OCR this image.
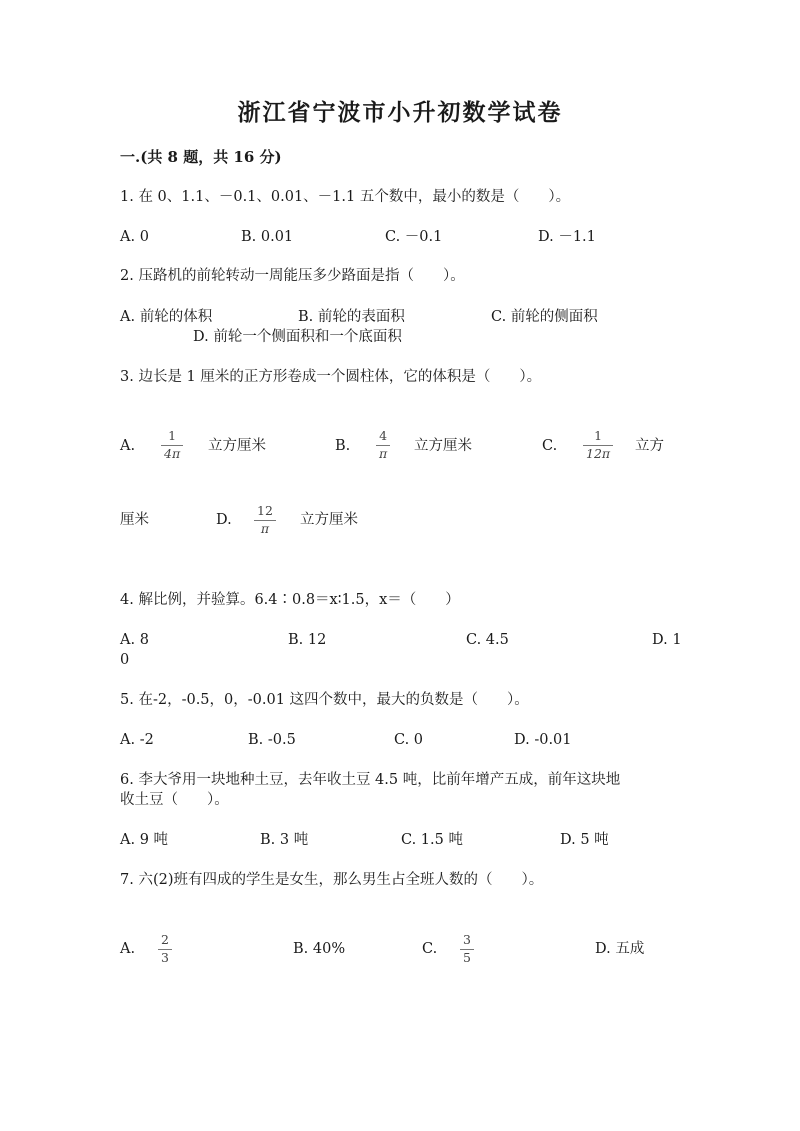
浙江省宁波市小升初数学试卷
一.(共 8 题，共 16 分)
1. 在 0、1.1、－0.1、0.01、－1.1 五个数中，最小的数是（　　）。
A. 0	B. 0.01	C. －0.1	D. －1.1
2. 压路机的前轮转动一周能压多少路面是指（　　）。
A. 前轮的体积	B. 前轮的表面积	C. 前轮的侧面积
D. 前轮一个侧面积和一个底面积
3. 边长是 1 厘米的正方形卷成一个圆柱体，它的体积是（　　）。
A.
1
4π 立方厘米	B.
4
π 立方厘米	C.
1
12π 立方
厘米	D.
12
π 立方厘米
4. 解比例，并验算。6.4∶0.8＝x∶1.5，x＝（　　）
A. 8	B. 12	C. 4.5	D. 1
0
5. 在-2，-0.5，0，-0.01 这四个数中，最大的负数是（　　）。
A. -2	B. -0.5	C. 0	D. -0.01
6. 李大爷用一块地种土豆，去年收土豆 4.5 吨，比前年增产五成，前年这块地
收土豆（　　）。
A. 9 吨	B. 3 吨	C. 1.5 吨	D. 5 吨
7. 六(2)班有四成的学生是女生，那么男生占全班人数的（　　）。
A.
2
3	B. 40%	C.
3
5	D. 五成
